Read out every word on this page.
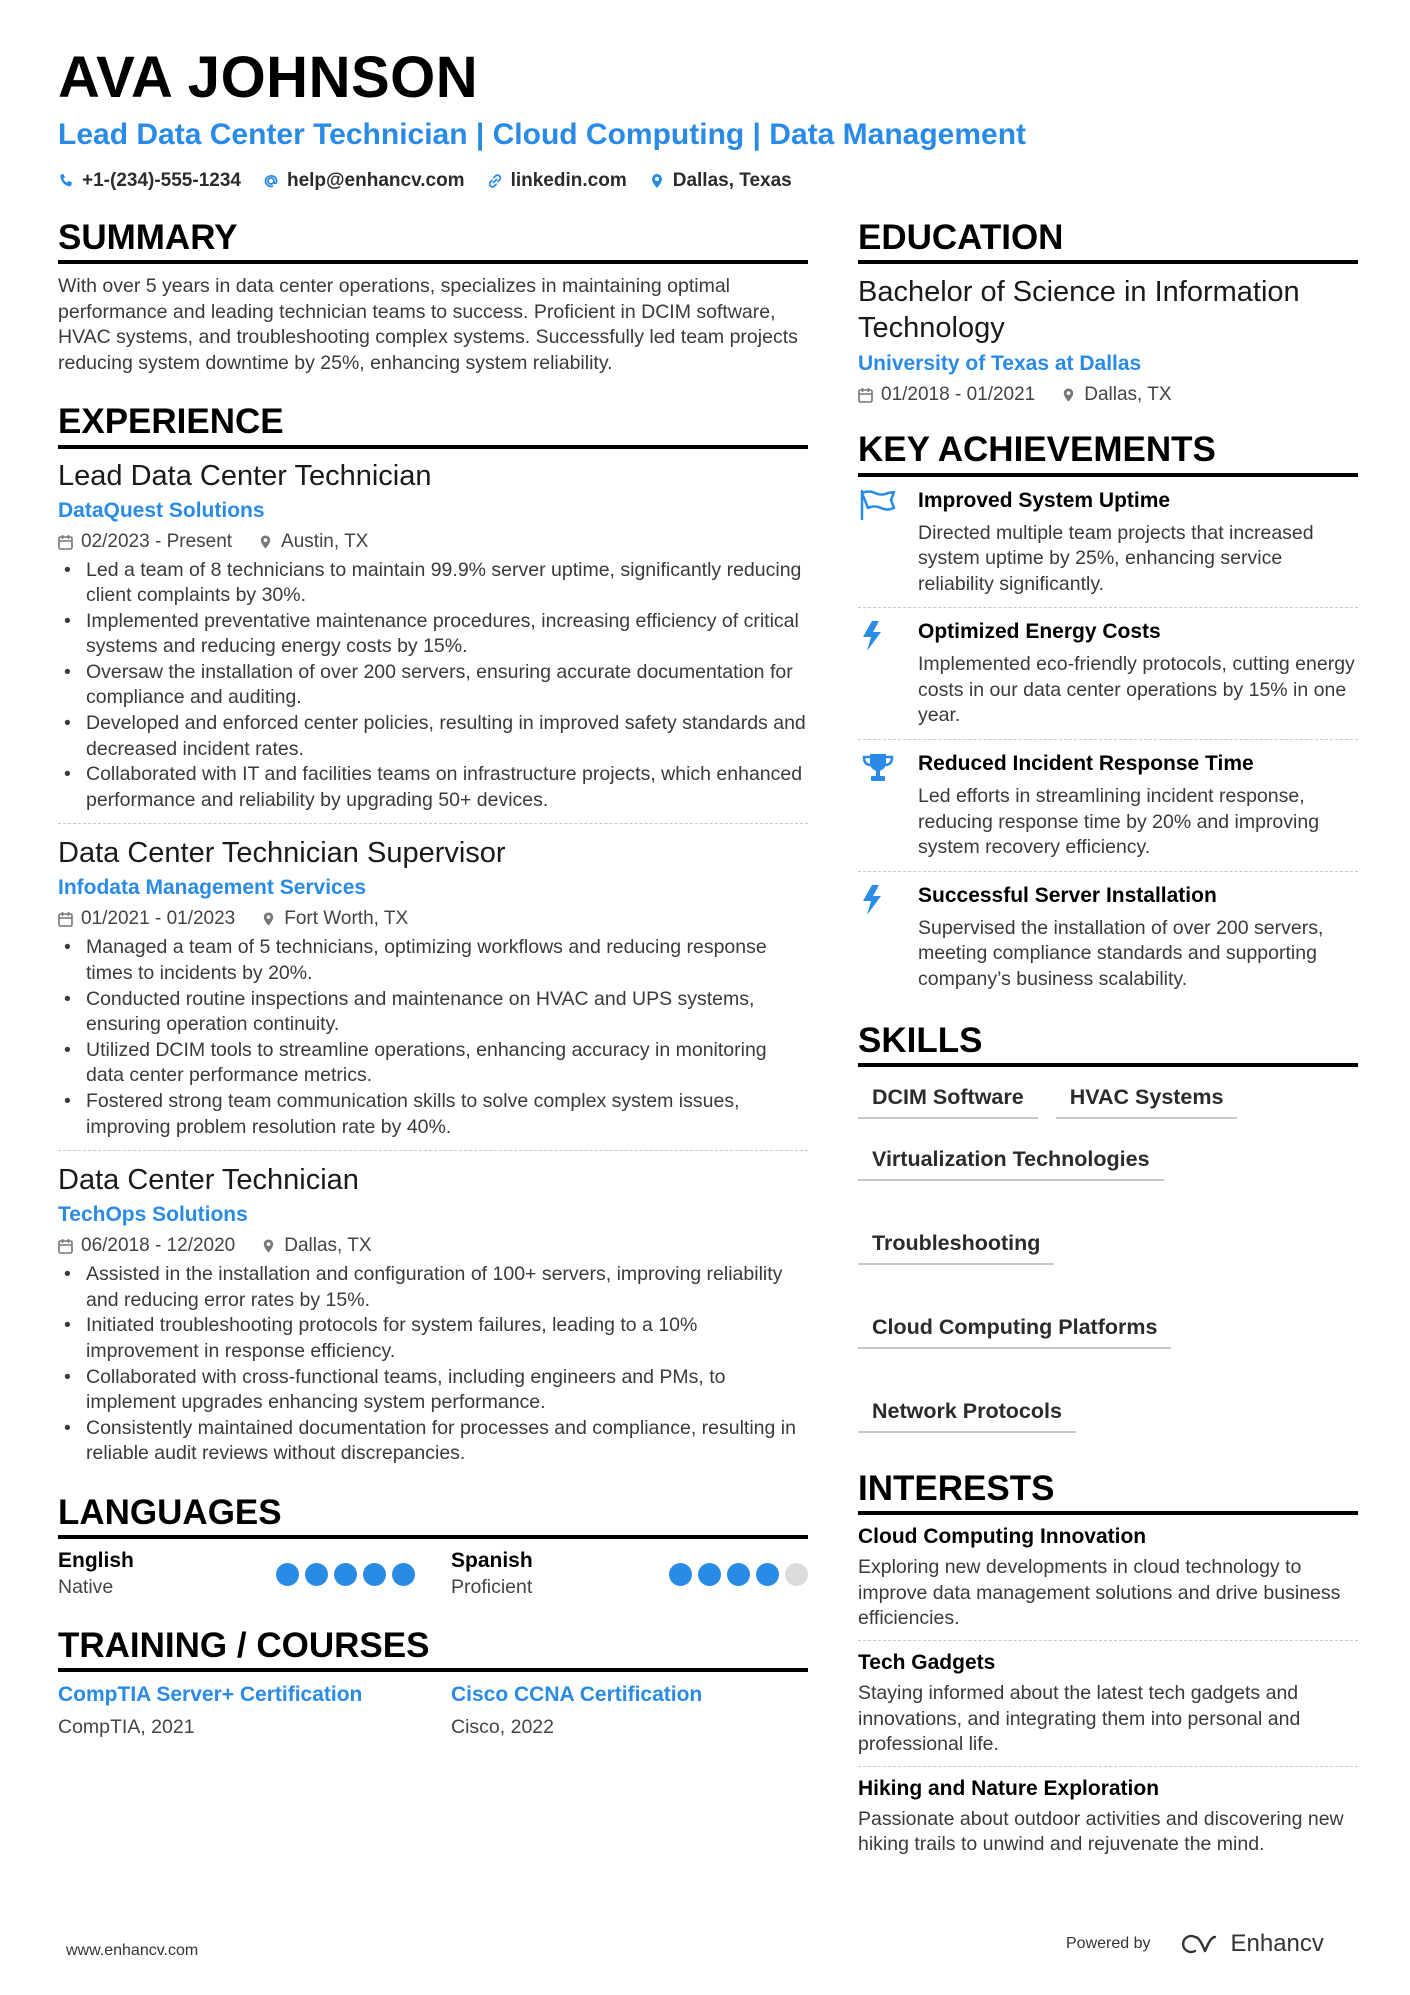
AVA JOHNSON
Lead Data Center Technician | Cloud Computing | Data Management
+1-(234)-555-1234 help@enhancv.com linkedin.com Dallas, Texas
SUMMARY
With over 5 years in data center operations, specializes in maintaining optimal performance and leading technician teams to success. Proficient in DCIM software, HVAC systems, and troubleshooting complex systems. Successfully led team projects reducing system downtime by 25%, enhancing system reliability.
EXPERIENCE
Lead Data Center Technician
DataQuest Solutions
02/2023 - Present	Austin, TX
• Led a team of 8 technicians to maintain 99.9% server uptime, significantly reducing client complaints by 30%.
• Implemented preventative maintenance procedures, increasing efficiency of critical systems and reducing energy costs by 15%.
• Oversaw the installation of over 200 servers, ensuring accurate documentation for compliance and auditing.
• Developed and enforced center policies, resulting in improved safety standards and decreased incident rates.
• Collaborated with IT and facilities teams on infrastructure projects, which enhanced performance and reliability by upgrading 50+ devices.
Data Center Technician Supervisor
Infodata Management Services
01/2021 - 01/2023	Fort Worth, TX
• Managed a team of 5 technicians, optimizing workflows and reducing response times to incidents by 20%.
• Conducted routine inspections and maintenance on HVAC and UPS systems, ensuring operation continuity.
• Utilized DCIM tools to streamline operations, enhancing accuracy in monitoring data center performance metrics.
• Fostered strong team communication skills to solve complex system issues, improving problem resolution rate by 40%.
Data Center Technician
TechOps Solutions
06/2018 - 12/2020	Dallas, TX
• Assisted in the installation and configuration of 100+ servers, improving reliability and reducing error rates by 15%.
• Initiated troubleshooting protocols for system failures, leading to a 10% improvement in response efficiency.
• Collaborated with cross-functional teams, including engineers and PMs, to implement upgrades enhancing system performance.
• Consistently maintained documentation for processes and compliance, resulting in reliable audit reviews without discrepancies.
LANGUAGES
English
Native
Spanish
Proficient
TRAINING / COURSES
CompTIA Server+ Certification
CompTIA, 2021
Cisco CCNA Certification
Cisco, 2022
EDUCATION
Bachelor of Science in Information Technology
University of Texas at Dallas
01/2018 - 01/2021	Dallas, TX
KEY ACHIEVEMENTS
Improved System Uptime
Directed multiple team projects that increased system uptime by 25%, enhancing service reliability significantly.
Optimized Energy Costs
Implemented eco-friendly protocols, cutting energy costs in our data center operations by 15% in one year.
Reduced Incident Response Time
Led efforts in streamlining incident response, reducing response time by 20% and improving system recovery efficiency.
Successful Server Installation
Supervised the installation of over 200 servers, meeting compliance standards and supporting company’s business scalability.
SKILLS
DCIM Software	HVAC Systems
Virtualization Technologies
Troubleshooting
Cloud Computing Platforms
Network Protocols
INTERESTS
Cloud Computing Innovation
Exploring new developments in cloud technology to improve data management solutions and drive business efficiencies.
Tech Gadgets
Staying informed about the latest tech gadgets and innovations, and integrating them into personal and professional life.
Hiking and Nature Exploration
Passionate about outdoor activities and discovering new hiking trails to unwind and rejuvenate the mind.
www.enhancv.com	Powered by	Enhancv
